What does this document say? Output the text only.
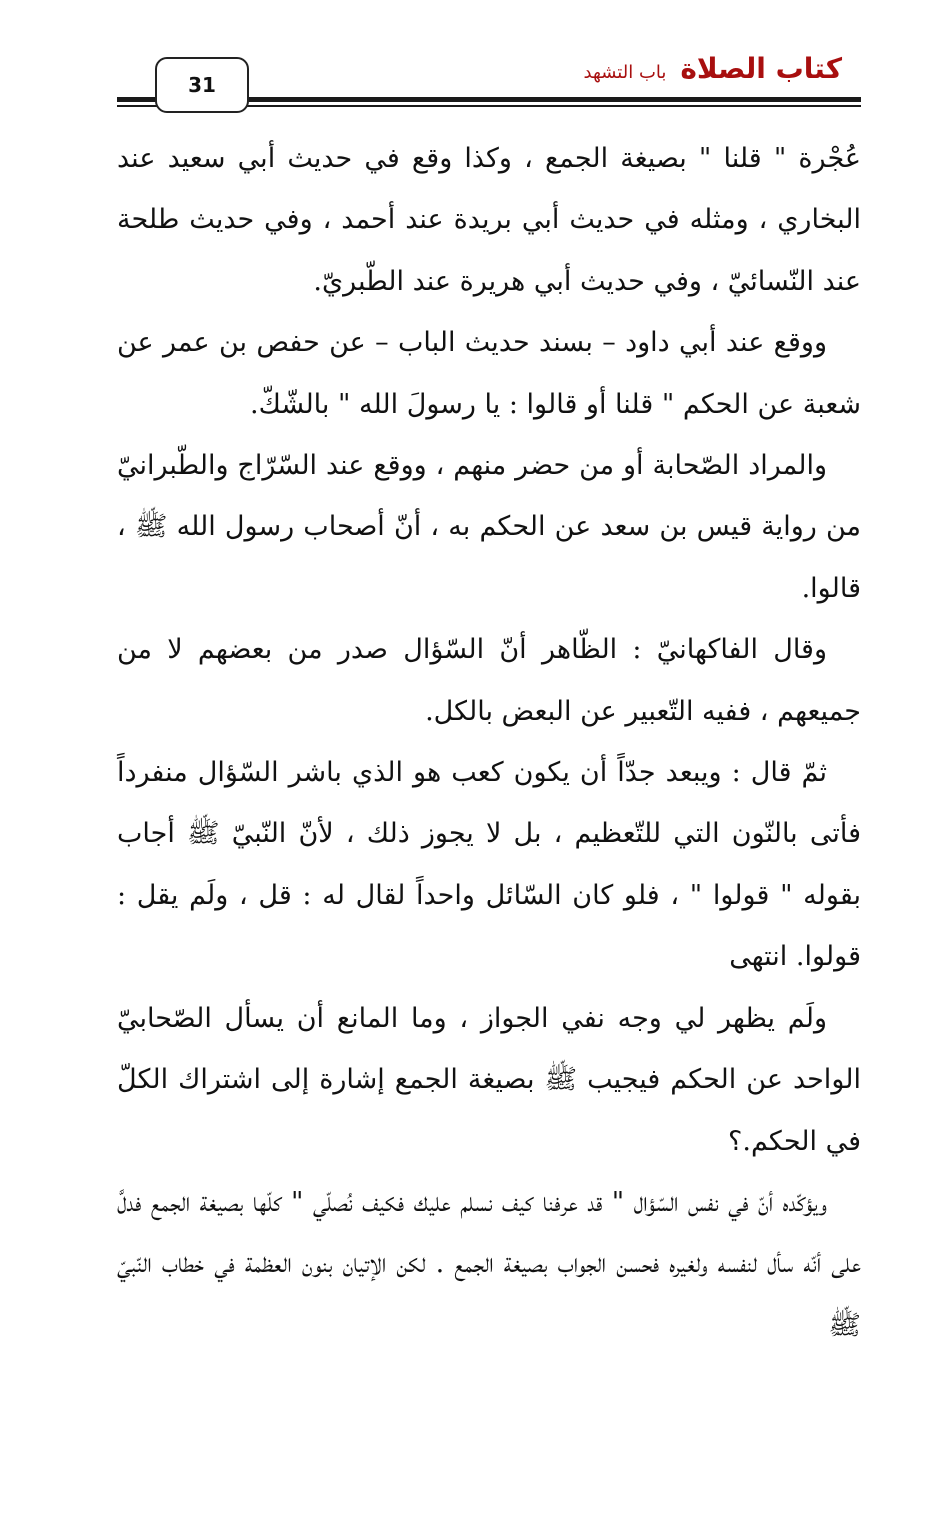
31	كتاب الصلاة
باب التشهد

عُجْرة " قلنا " بصيغة الجمع ، وكذا وقع في حديث أبي سعيد عند البخاري ، ومثله في حديث أبي بريدة عند أحمد ، وفي حديث طلحة عند النّسائيّ ، وفي حديث أبي هريرة عند الطّبريّ.

ووقع عند أبي داود – بسند حديث الباب – عن حفص بن عمر عن شعبة عن الحكم " قلنا أو قالوا : يا رسولَ الله " بالشّكّ.

والمراد الصّحابة أو من حضر منهم ، ووقع عند السّرّاج والطّبرانيّ من رواية قيس بن سعد عن الحكم به ، أنّ أصحاب رسول الله ﷺ ، قالوا.

وقال الفاكهانيّ : الظّاهر أنّ السّؤال صدر من بعضهم لا من جميعهم ، ففيه التّعبير عن البعض بالكل.

ثمّ قال : ويبعد جدّاً أن يكون كعب هو الذي باشر السّؤال منفرداً فأتى بالنّون التي للتّعظيم ، بل لا يجوز ذلك ، لأنّ النّبيّ ﷺ أجاب بقوله " قولوا " ، فلو كان السّائل واحداً لقال له : قل ، ولَم يقل : قولوا. انتهى

ولَم يظهر لي وجه نفي الجواز ، وما المانع أن يسأل الصّحابيّ الواحد عن الحكم فيجيب ﷺ بصيغة الجمع إشارة إلى اشتراك الكلّ في الحكم.؟

ويؤكّده أنّ في نفس السّؤال " قد عرفنا كيف نسلم عليك فكيف نُصلّي " كلّها بصيغة الجمع فدلَّ على أنّه سأل لنفسه ولغيره فحسن الجواب بصيغة الجمع . لكن الإتيان بنون العظمة في خطاب النّبيّ ﷺ
